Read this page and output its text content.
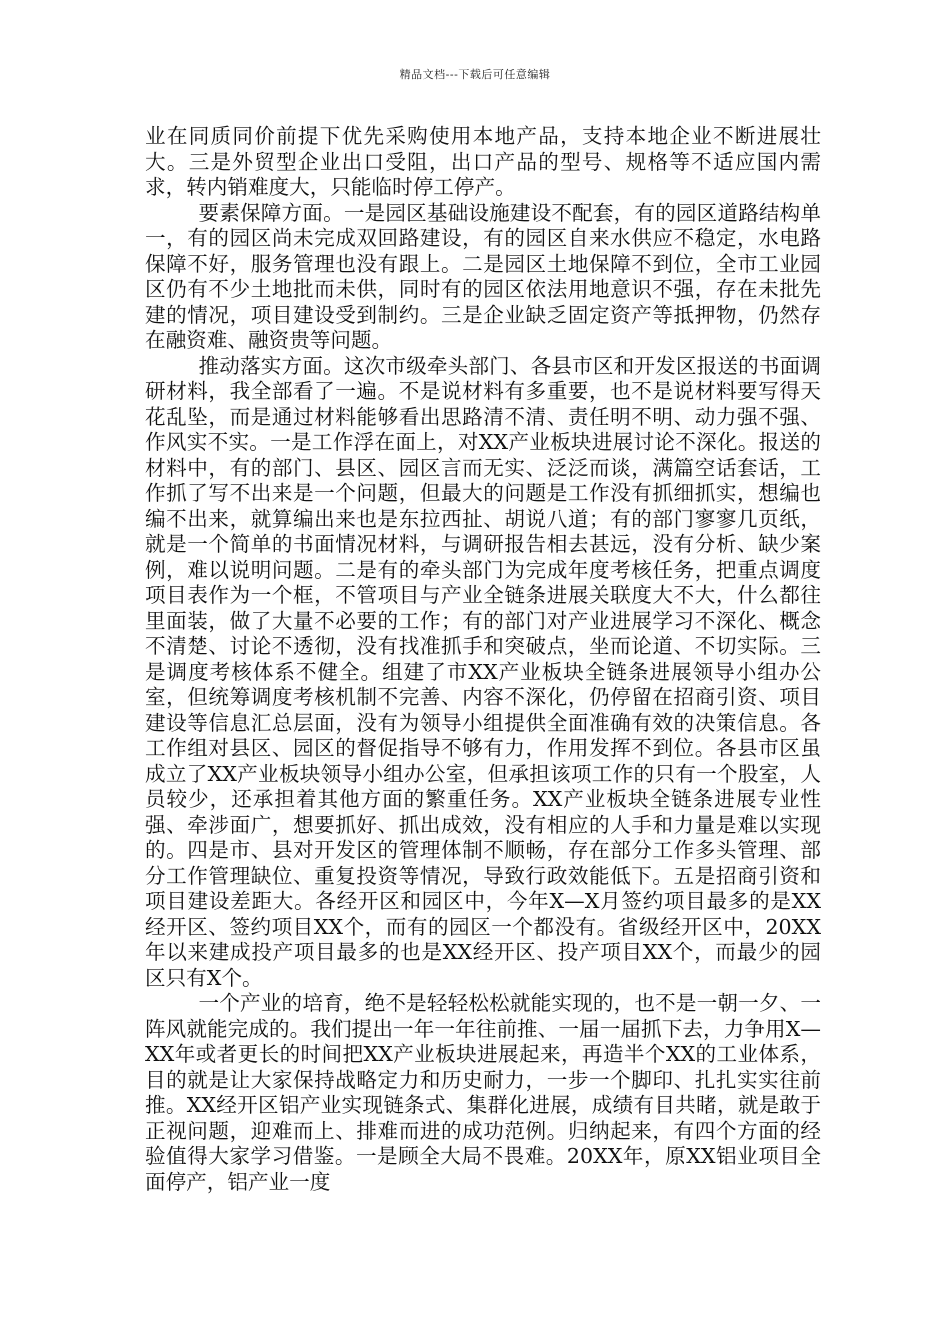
精品文档---下载后可任意编辑

业在同质同价前提下优先采购使用本地产品，支持本地企业不断进展壮大。三是外贸型企业出口受阻，出口产品的型号、规格等不适应国内需求，转内销难度大，只能临时停工停产。

要素保障方面。一是园区基础设施建设不配套，有的园区道路结构单一，有的园区尚未完成双回路建设，有的园区自来水供应不稳定，水电路保障不好，服务管理也没有跟上。二是园区土地保障不到位，全市工业园区仍有不少土地批而未供，同时有的园区依法用地意识不强，存在未批先建的情况，项目建设受到制约。三是企业缺乏固定资产等抵押物，仍然存在融资难、融资贵等问题。

推动落实方面。这次市级牵头部门、各县市区和开发区报送的书面调研材料，我全部看了一遍。不是说材料有多重要，也不是说材料要写得天花乱坠，而是通过材料能够看出思路清不清、责任明不明、动力强不强、作风实不实。一是工作浮在面上，对XX产业板块进展讨论不深化。报送的材料中，有的部门、县区、园区言而无实、泛泛而谈，满篇空话套话，工作抓了写不出来是一个问题，但最大的问题是工作没有抓细抓实，想编也编不出来，就算编出来也是东拉西扯、胡说八道；有的部门寥寥几页纸，就是一个简单的书面情况材料，与调研报告相去甚远，没有分析、缺少案例，难以说明问题。二是有的牵头部门为完成年度考核任务，把重点调度项目表作为一个框，不管项目与产业全链条进展关联度大不大，什么都往里面装，做了大量不必要的工作；有的部门对产业进展学习不深化、概念不清楚、讨论不透彻，没有找准抓手和突破点，坐而论道、不切实际。三是调度考核体系不健全。组建了市XX产业板块全链条进展领导小组办公室，但统筹调度考核机制不完善、内容不深化，仍停留在招商引资、项目建设等信息汇总层面，没有为领导小组提供全面准确有效的决策信息。各工作组对县区、园区的督促指导不够有力，作用发挥不到位。各县市区虽成立了XX产业板块领导小组办公室，但承担该项工作的只有一个股室，人员较少，还承担着其他方面的繁重任务。XX产业板块全链条进展专业性强、牵涉面广，想要抓好、抓出成效，没有相应的人手和力量是难以实现的。四是市、县对开发区的管理体制不顺畅，存在部分工作多头管理、部分工作管理缺位、重复投资等情况，导致行政效能低下。五是招商引资和项目建设差距大。各经开区和园区中，今年X—X月签约项目最多的是XX经开区、签约项目XX个，而有的园区一个都没有。省级经开区中，20XX年以来建成投产项目最多的也是XX经开区、投产项目XX个，而最少的园区只有X个。

一个产业的培育，绝不是轻轻松松就能实现的，也不是一朝一夕、一阵风就能完成的。我们提出一年一年往前推、一届一届抓下去，力争用X—XX年或者更长的时间把XX产业板块进展起来，再造半个XX的工业体系，目的就是让大家保持战略定力和历史耐力，一步一个脚印、扎扎实实往前推。XX经开区铝产业实现链条式、集群化进展，成绩有目共睹，就是敢于正视问题，迎难而上、排难而进的成功范例。归纳起来，有四个方面的经验值得大家学习借鉴。一是顾全大局不畏难。20XX年，原XX铝业项目全面停产，铝产业一度
